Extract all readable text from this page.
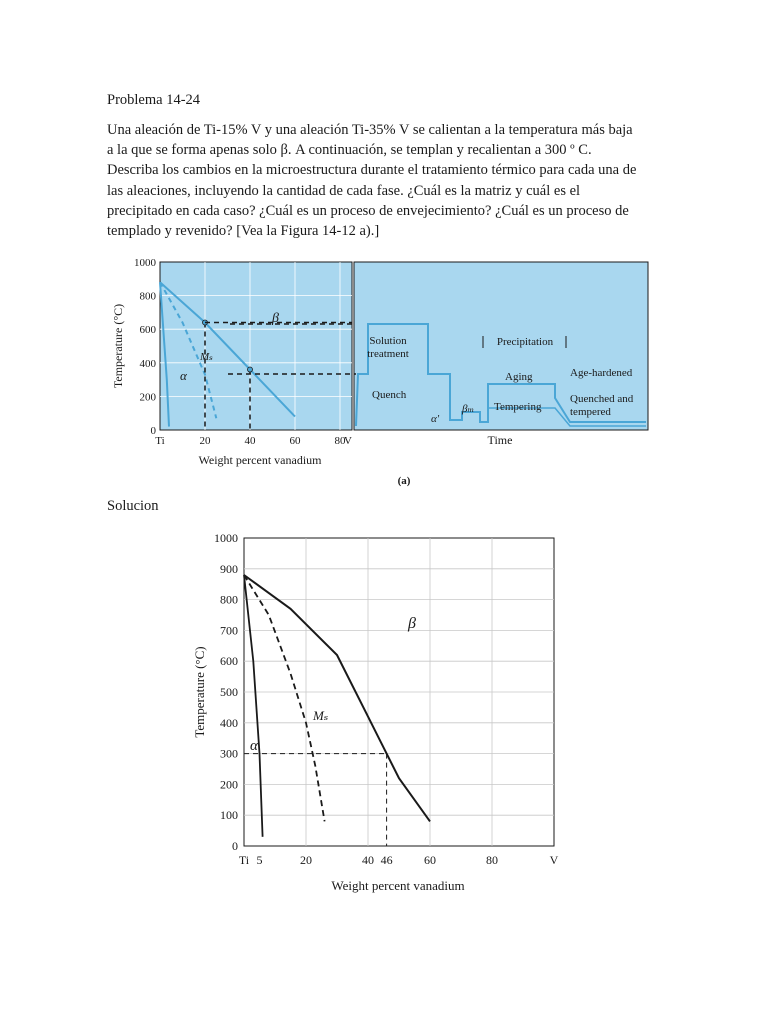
Problema 14-24
Una aleación de Ti-15% V y una aleación Ti-35% V se calientan a la temperatura más baja
a la que se forma apenas solo β. A continuación, se templan y recalientan a 300 º C.
Describa los cambios en la microestructura durante el tratamiento térmico para cada una de
las aleaciones, incluyendo la cantidad de cada fase. ¿Cuál es la matriz y cuál es el
precipitado en cada caso? ¿Cuál es un proceso de envejecimiento? ¿Cuál es un proceso de
templado y revenido? [Vea la Figura 14-12 a).]
0
200
400
600
800
1000
Ti	20	40	60	80
V
Temperature (°C)
Weight percent vanadium
β
α
Mₛ
Solution
treatment
Quench
α'
βₘ
Precipitation
Aging	Age-hardened
Tempering
Quenched and
tempered
Time
(a)
Solucion
0
100
200
300
400
500
600
700
800
900
1000
Ti 5	20	40 46	60	80	V
Temperature (°C)
Weight percent vanadium
β
α
Mₛ
